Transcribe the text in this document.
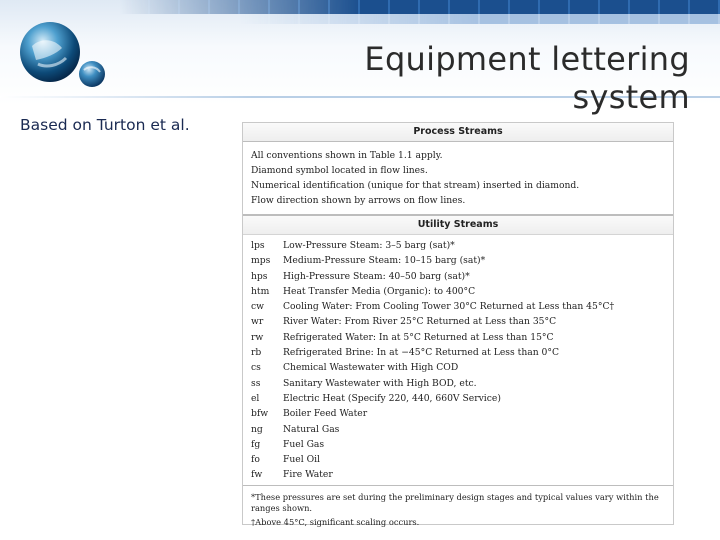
Equipment lettering system
Based on Turton et al.	Process Streams
All conventions shown in Table 1.1 apply.
Diamond symbol located in flow lines.
Numerical identification (unique for that stream) inserted in diamond.
Flow direction shown by arrows on flow lines.
Utility Streams
lps	Low-Pressure Steam: 3–5 barg (sat)*
mps	Medium-Pressure Steam: 10–15 barg (sat)*
hps	High-Pressure Steam: 40–50 barg (sat)*
htm	Heat Transfer Media (Organic): to 400°C
cw	Cooling Water: From Cooling Tower 30°C Returned at Less than 45°C†
wr	River Water: From River 25°C Returned at Less than 35°C
rw	Refrigerated Water: In at 5°C Returned at Less than 15°C
rb	Refrigerated Brine: In at −45°C Returned at Less than 0°C
cs	Chemical Wastewater with High COD
ss	Sanitary Wastewater with High BOD, etc.
el	Electric Heat (Specify 220, 440, 660V Service)
bfw	Boiler Feed Water
ng	Natural Gas
fg	Fuel Gas
fo	Fuel Oil
fw	Fire Water
*These pressures are set during the preliminary design stages and typical values vary within the ranges shown.
†Above 45°C, significant scaling occurs.
